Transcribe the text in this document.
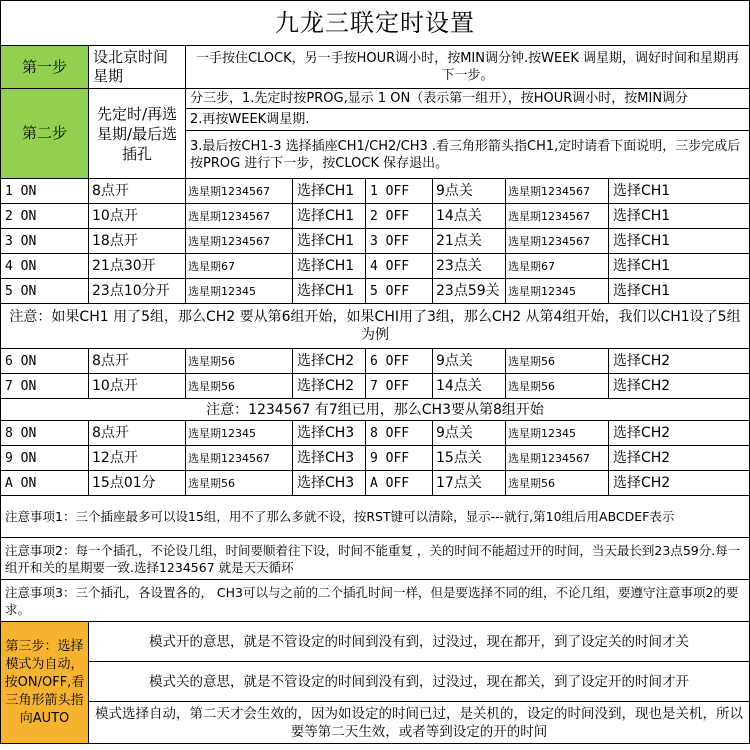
九龙三联定时设置							
第一步	设北京时间星期	一手按住CLOCK，另一手按HOUR调小时，按MIN调分钟.按WEEK 调星期，调好时间和星期再下一步。					
第二步	先定时/再选星期/最后选插孔	分三步，1.先定时按PROG,显示 1 ON（表示第一组开），按HOUR调小时，按MIN调分					
		2.再按WEEK调星期.					
		3.最后按CH1-3 选择插座CH1/CH2/CH3 .看三角形箭头指CH1,定时请看下面说明，三步完成后按PROG 进行下一步，按CLOCK 保存退出。					
1 ON	8点开	选星期1234567	选择CH1	1 OFF	9点关	选星期1234567	选择CH1
2 ON	10点开	选星期1234567	选择CH1	2 OFF	14点关	选星期1234567	选择CH1
3 ON	18点开	选星期1234567	选择CH1	3 OFF	21点关	选星期1234567	选择CH1
4 ON	21点30开	选星期67	选择CH1	4 OFF	23点关	选星期67	选择CH1
5 ON	23点10分开	选星期12345	选择CH1	5 OFF	23点59关	选星期12345	选择CH1
注意：如果CH1 用了5组，那么CH2 要从第6组开始，如果CHI用了3组，那么CH2 从第4组开始，我们以CH1设了5组为例							
6 ON	8点开	选星期56	选择CH2	6 OFF	9点关	选星期56	选择CH2
7 ON	10点开	选星期56	选择CH2	7 OFF	14点关	选星期56	选择CH2
注意：1234567 有7组已用，那么CH3要从第8组开始							
8 ON	8点开	选星期12345	选择CH3	8 OFF	9点关	选星期12345	选择CH2
9 ON	12点开	选星期1234567	选择CH3	9 OFF	15点关	选星期1234567	选择CH2
A ON	15点01分	选星期56	选择CH3	A OFF	17点关	选星期56	选择CH2
注意事项1：三个插座最多可以设15组，用不了那么多就不设，按RST键可以清除，显示---就行,第10组后用ABCDEF表示							
注意事项2：每一个插孔，不论设几组，时间要顺着往下设，时间不能重复 ，关的时间不能超过开的时间，当天最长到23点59分.每一组开和关的星期要一致.选择1234567 就是天天循环							
注意事项3：三个插孔，各设置各的， CH3可以与之前的二个插孔时间一样，但是要选择不同的组，不论几组，要遵守注意事项2的要求。							
第三步：选择模式为自动，按ON/OFF,看三角形箭头指向AUTO	模式开的意思，就是不管设定的时间到没有到，过没过，现在都开，到了设定关的时间才关						
	模式关的意思，就是不管设定的时间到没有到，过没过，现在都关，到了设定开的时间才开						
	模式选择自动，第二天才会生效的，因为如设定的时间已过，是关机的，设定的时间没到，现也是关机，所以要等第二天生效，或者等到设定的开的时间						
